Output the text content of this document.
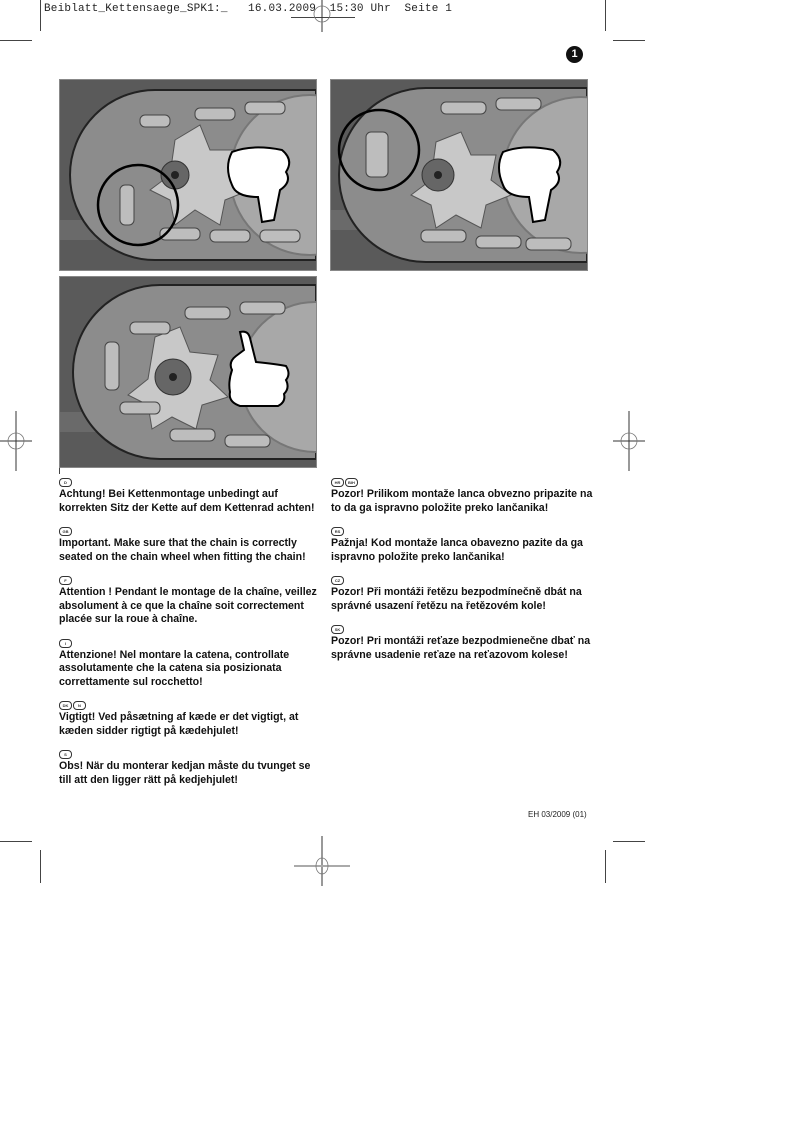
Beiblatt_Kettensaege_SPK1:_ 16.03.2009 15:30 Uhr Seite 1
1
D
Achtung! Bei Kettenmontage unbedingt auf korrekten Sitz der Kette auf dem Kettenrad achten!
GB
Important. Make sure that the chain is correctly seated on the chain wheel when fitting the chain!
F
Attention ! Pendant le montage de la chaîne, veillez absolument à ce que la chaîne soit correctement placée sur la roue à chaîne.
I
Attenzione! Nel montare la catena, controllate assolutamente che la catena sia posizionata correttamente sul rocchetto!
DK	N
Vigtigt! Ved påsætning af kæde er det vigtigt, at kæden sidder rigtigt på kædehjulet!
S
Obs! När du monterar kedjan måste du tvunget se till att den ligger rätt på kedjehjulet!
HR	BIH
Pozor! Prilikom montaže lanca obvezno pripazite na to da ga ispravno položite preko lančanika!
RS
Pažnja! Kod montaže lanca obavezno pazite da ga ispravno položite preko lančanika!
CZ
Pozor! Při montáži řetězu bezpodmínečně dbát na správné usazení řetězu na řetězovém kole!
SK
Pozor! Pri montáži reťaze bezpodmienečne dbať na správne usadenie reťaze na reťazovom kolese!
EH 03/2009 (01)
